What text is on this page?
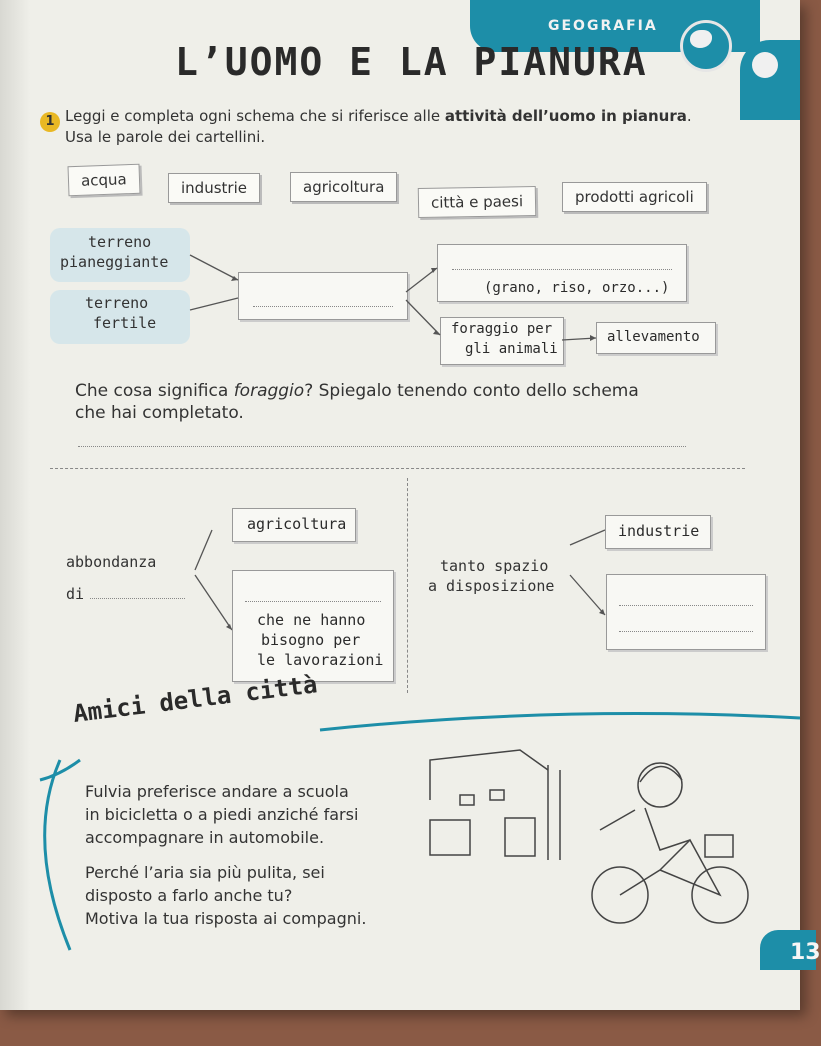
GEOGRAFIA
L’UOMO E LA PIANURA
1 Leggi e completa ogni schema che si riferisce alle attività dell’uomo in pianura.
Usa le parole dei cartellini.
acqua	industrie	agricoltura
città e paesi	prodotti agricoli
terreno
pianeggiante
terreno
fertile
(grano, riso, orzo...)
foraggio per
gli animali
allevamento
Che cosa significa foraggio? Spiegalo tenendo conto dello schema
che hai completato.
agricoltura
abbondanza
di
che ne hanno
bisogno per
le lavorazioni
tanto spazio
a disposizione
industrie
Amici della città
Fulvia preferisce andare a scuola
in bicicletta o a piedi anziché farsi
accompagnare in automobile.
Perché l’aria sia più pulita, sei
disposto a farlo anche tu?
Motiva la tua risposta ai compagni.
13
